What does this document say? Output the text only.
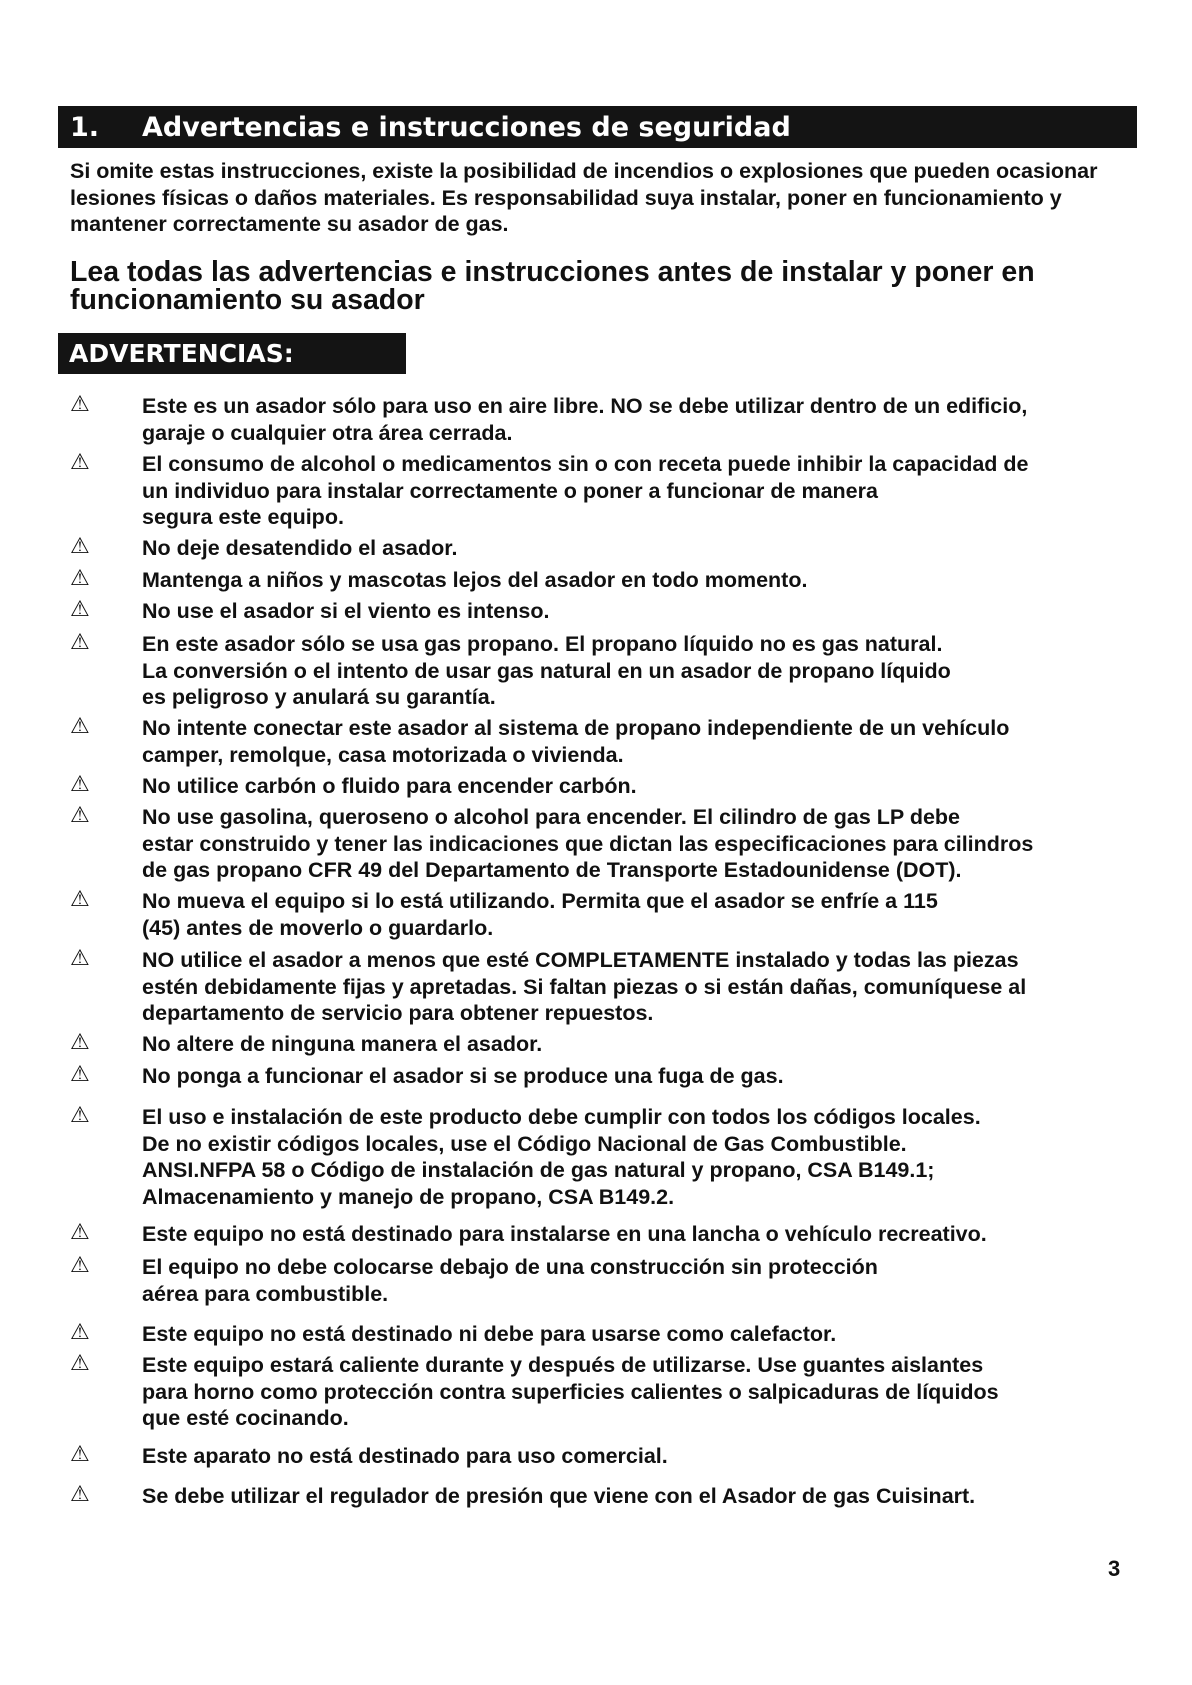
1.	Advertencias e instrucciones de seguridad
Si omite estas instrucciones, existe la posibilidad de incendios o explosiones que pueden ocasionar lesiones físicas o daños materiales. Es responsabilidad suya instalar, poner en funcionamiento y mantener correctamente su asador de gas.
Lea todas las advertencias e instrucciones antes de instalar y poner en funcionamiento su asador
ADVERTENCIAS:
⚠	Este es un asador sólo para uso en aire libre. NO se debe utilizar dentro de un edificio,
garaje o cualquier otra área cerrada.
⚠	El consumo de alcohol o medicamentos sin o con receta puede inhibir la capacidad de
un individuo para instalar correctamente o poner a funcionar de manera
segura este equipo.
⚠	No deje desatendido el asador.
⚠	Mantenga a niños y mascotas lejos del asador en todo momento.
⚠	No use el asador si el viento es intenso.
⚠	En este asador sólo se usa gas propano. El propano líquido no es gas natural.
La conversión o el intento de usar gas natural en un asador de propano líquido
es peligroso y anulará su garantía.
⚠	No intente conectar este asador al sistema de propano independiente de un vehículo
camper, remolque, casa motorizada o vivienda.
⚠	No utilice carbón o fluido para encender carbón.
⚠	No use gasolina, queroseno o alcohol para encender. El cilindro de gas LP debe
estar construido y tener las indicaciones que dictan las especificaciones para cilindros
de gas propano CFR 49 del Departamento de Transporte Estadounidense (DOT).
⚠	No mueva el equipo si lo está utilizando. Permita que el asador se enfríe a 115
(45) antes de moverlo o guardarlo.
⚠	NO utilice el asador a menos que esté COMPLETAMENTE instalado y todas las piezas
estén debidamente fijas y apretadas. Si faltan piezas o si están dañas, comuníquese al
departamento de servicio para obtener repuestos.
⚠	No altere de ninguna manera el asador.
⚠	No ponga a funcionar el asador si se produce una fuga de gas.
⚠	El uso e instalación de este producto debe cumplir con todos los códigos locales.
De no existir códigos locales, use el Código Nacional de Gas Combustible.
ANSI.NFPA 58 o Código de instalación de gas natural y propano, CSA B149.1;
Almacenamiento y manejo de propano, CSA B149.2.
⚠	Este equipo no está destinado para instalarse en una lancha o vehículo recreativo.
⚠	El equipo no debe colocarse debajo de una construcción sin protección
aérea para combustible.
⚠	Este equipo no está destinado ni debe para usarse como calefactor.
⚠	Este equipo estará caliente durante y después de utilizarse. Use guantes aislantes
para horno como protección contra superficies calientes o salpicaduras de líquidos
que esté cocinando.
⚠	Este aparato no está destinado para uso comercial.
⚠	Se debe utilizar el regulador de presión que viene con el Asador de gas Cuisinart.
3
